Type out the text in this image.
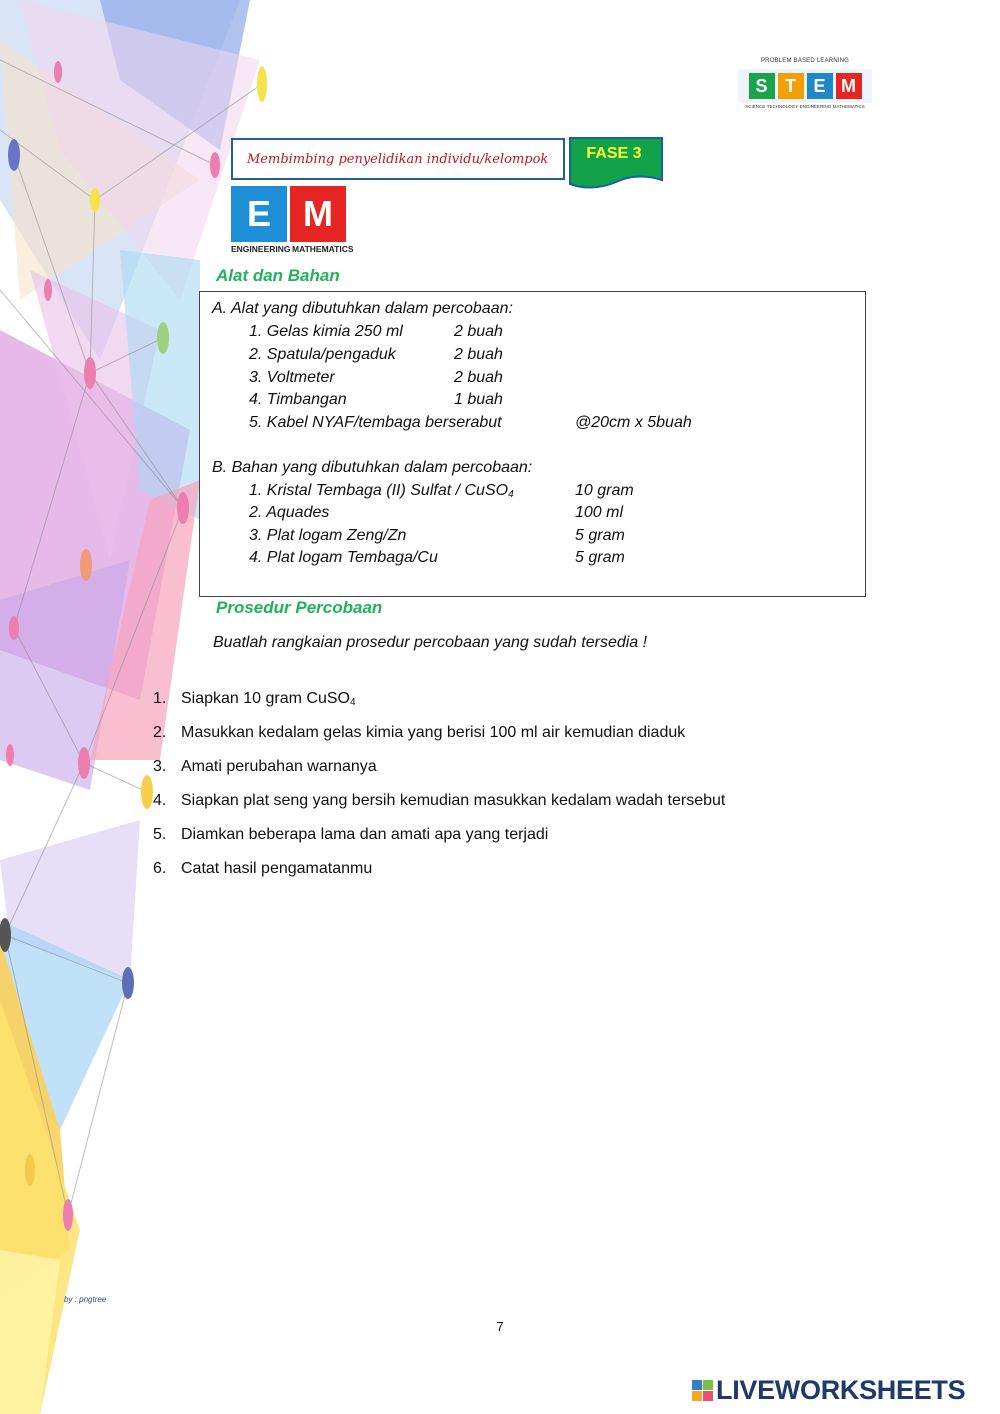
PROBLEM BASED LEARNING
S T E M
SCIENCE·TECHNOLOGY·ENGINEERING·MATHEMATICS
Membimbing penyelidikan individu/kelompok	FASE 3
E M
ENGINEERING MATHEMATICS
Alat dan Bahan
A. Alat yang dibutuhkan dalam percobaan:
1. Gelas kimia 250 ml	2 buah
2. Spatula/pengaduk	2 buah
3. Voltmeter	2 buah
4. Timbangan	1 buah
5. Kabel NYAF/tembaga berserabut	@20cm x 5buah
B. Bahan yang dibutuhkan dalam percobaan:
1. Kristal Tembaga (II) Sulfat / CuSO$_4$	10 gram
2. Aquades	100 ml
3. Plat logam Zeng/Zn	5 gram
4. Plat logam Tembaga/Cu	5 gram
Prosedur Percobaan
Buatlah rangkaian prosedur percobaan yang sudah tersedia !
1. Siapkan 10 gram CuSO$_4$
2. Masukkan kedalam gelas kimia yang berisi 100 ml air kemudian diaduk
3. Amati perubahan warnanya
4. Siapkan plat seng yang bersih kemudian masukkan kedalam wadah tersebut
5. Diamkan beberapa lama dan amati apa yang terjadi
6. Catat hasil pengamatanmu
by : pngtree
7
LIVEWORKSHEETS
